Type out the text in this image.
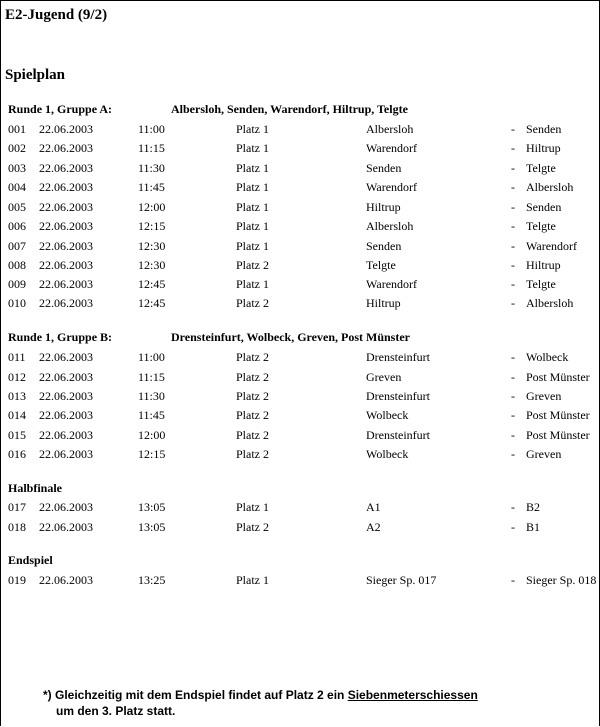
E2-Jugend (9/2)
Spielplan
Runde 1, Gruppe A:	Albersloh, Senden, Warendorf, Hiltrup, Telgte
Runde 1, Gruppe B:	Drensteinfurt, Wolbeck, Greven, Post Münster
Halbfinale
Endspiel
001 22.06.2003	11:00	Platz 1	Albersloh	- Senden
002 22.06.2003	11:15	Platz 1	Warendorf	- Hiltrup
003 22.06.2003	11:30	Platz 1	Senden	- Telgte
004 22.06.2003	11:45	Platz 1	Warendorf	- Albersloh
005 22.06.2003	12:00	Platz 1	Hiltrup	- Senden
006 22.06.2003	12:15	Platz 1	Albersloh	- Telgte
007 22.06.2003	12:30	Platz 1	Senden	- Warendorf
008 22.06.2003	12:30	Platz 2	Telgte	- Hiltrup
009 22.06.2003	12:45	Platz 1	Warendorf	- Telgte
010 22.06.2003	12:45	Platz 2	Hiltrup	- Albersloh
011 22.06.2003	11:00	Platz 2	Drensteinfurt	- Wolbeck
012 22.06.2003	11:15	Platz 2	Greven	- Post Münster
013 22.06.2003	11:30	Platz 2	Drensteinfurt	- Greven
014 22.06.2003	11:45	Platz 2	Wolbeck	- Post Münster
015 22.06.2003	12:00	Platz 2	Drensteinfurt	- Post Münster
016 22.06.2003	12:15	Platz 2	Wolbeck	- Greven
017 22.06.2003	13:05	Platz 1	A1	- B2
018 22.06.2003	13:05	Platz 2	A2	- B1
019 22.06.2003	13:25	Platz 1	Sieger Sp. 017	- Sieger Sp. 018
*) Gleichzeitig mit dem Endspiel findet auf Platz 2 ein Siebenmeterschiessen
um den 3. Platz statt.
